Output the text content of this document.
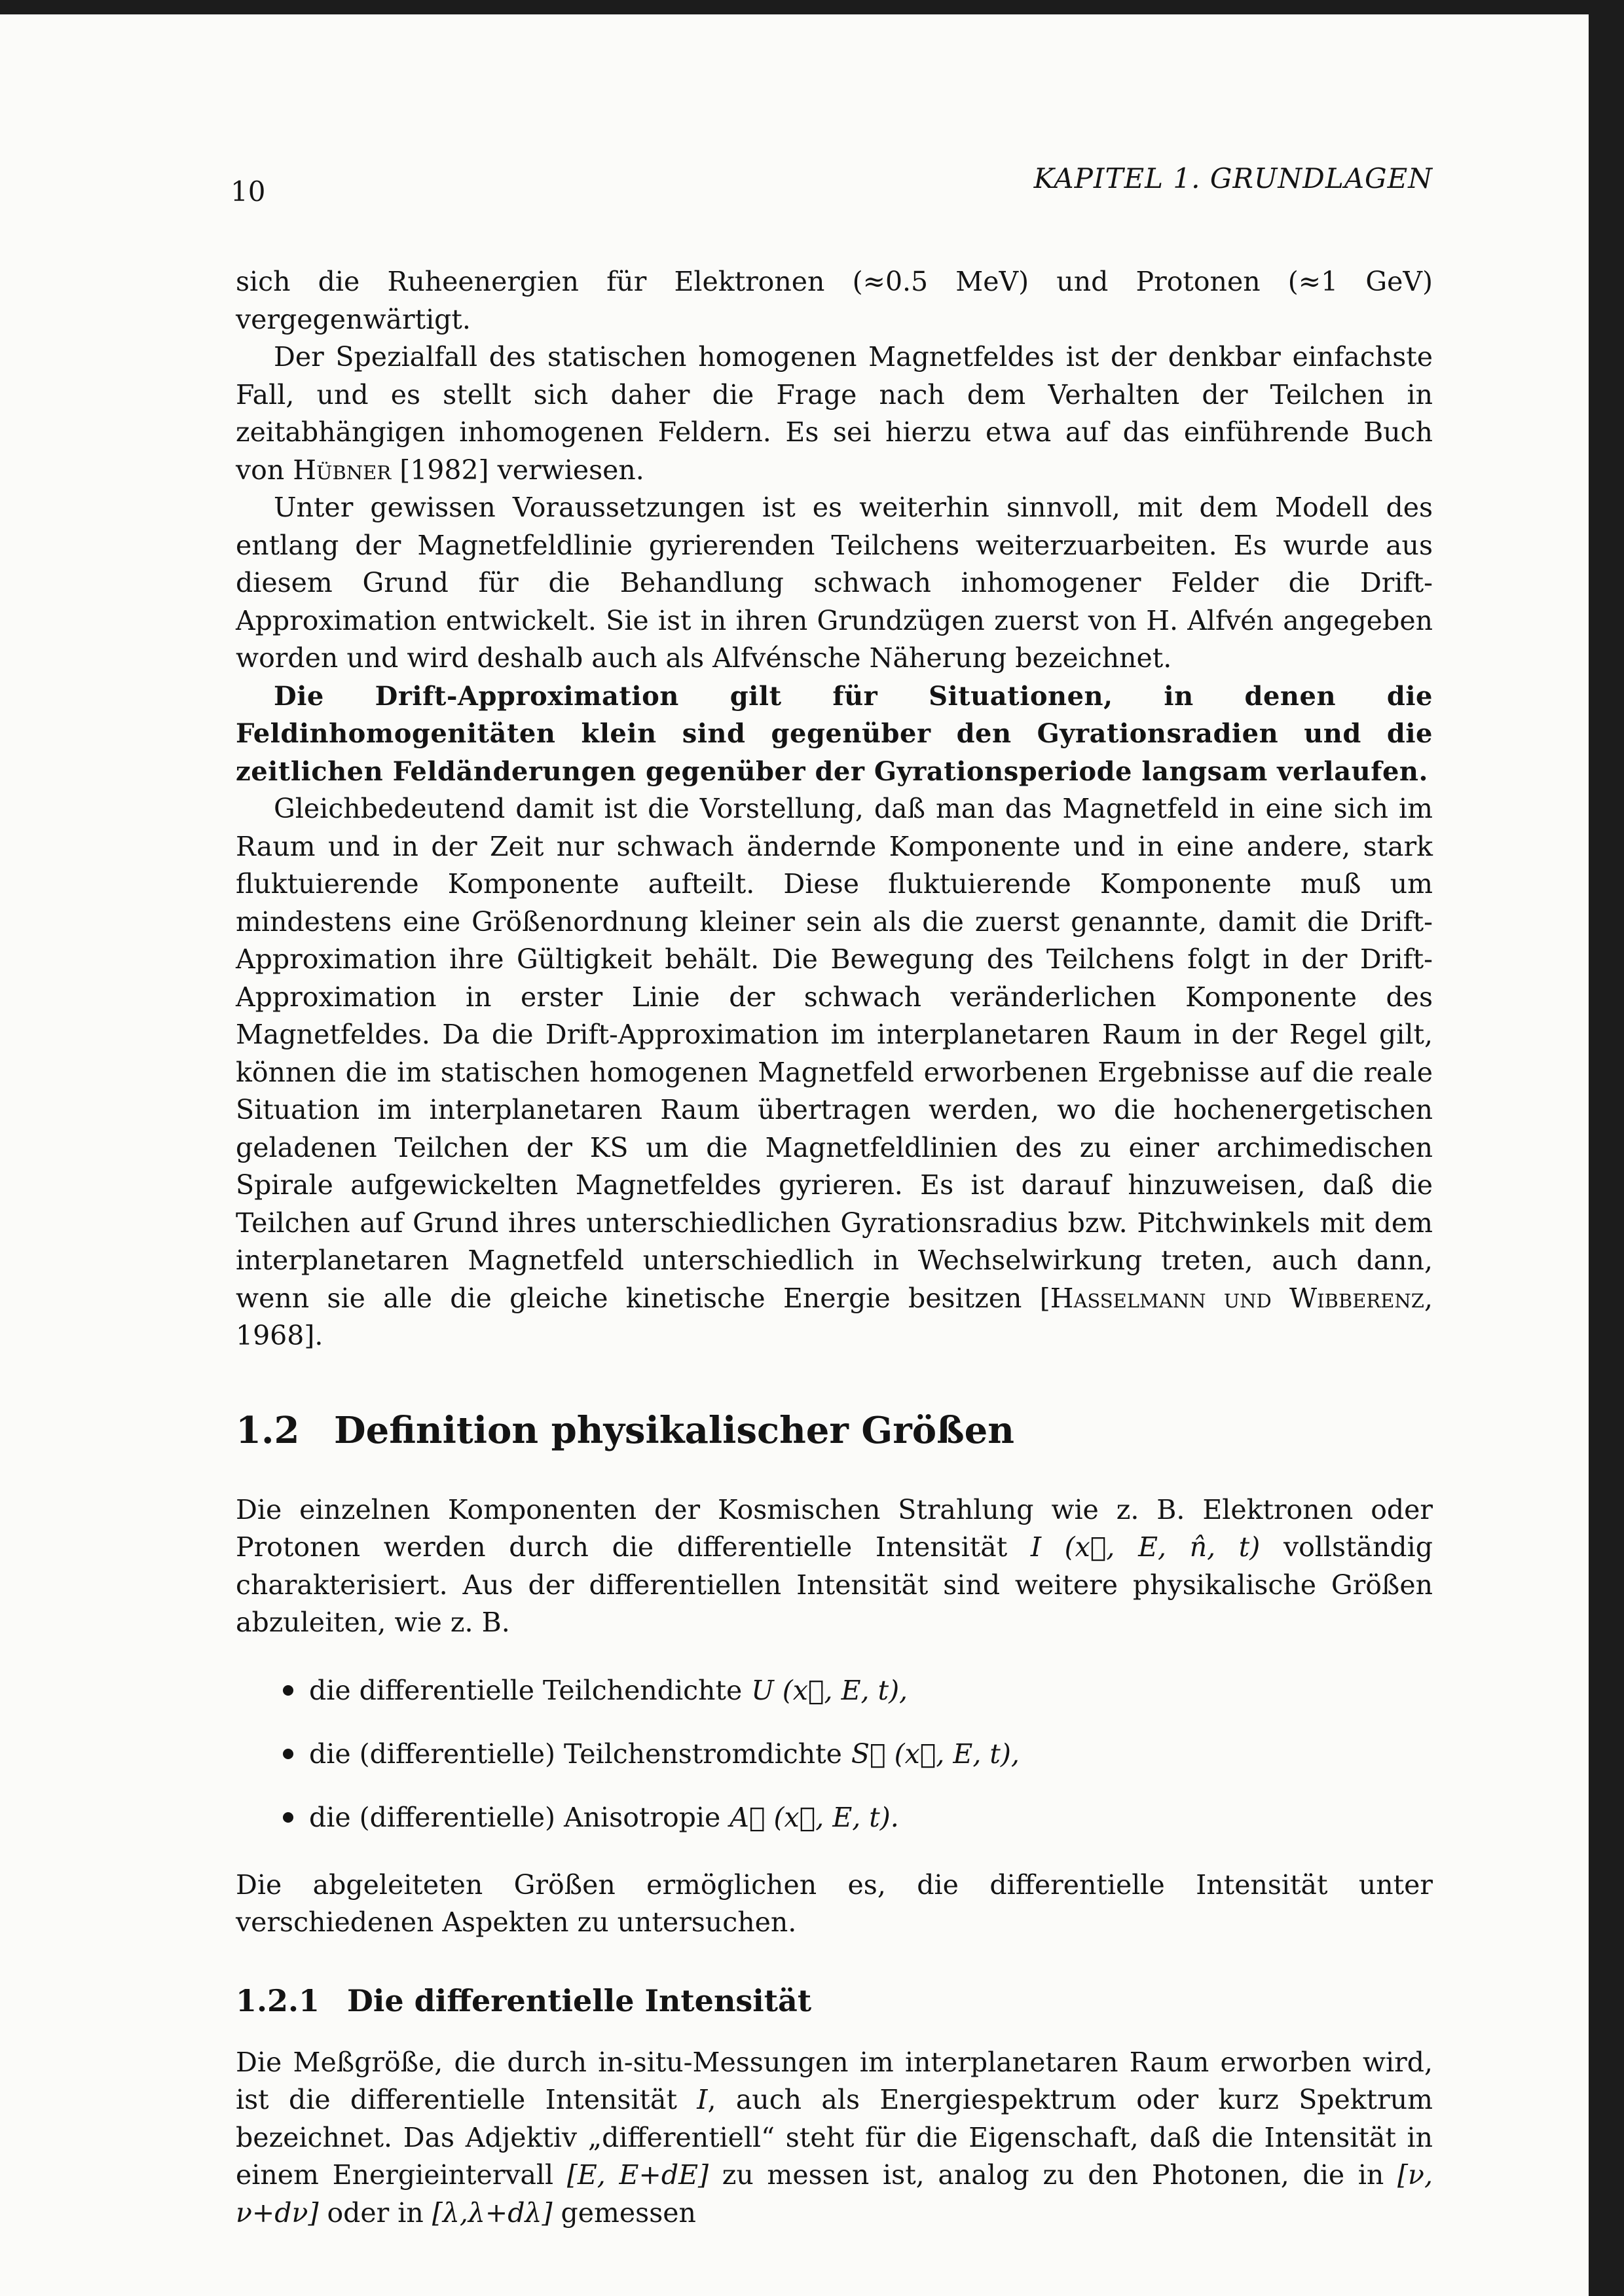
10	KAPITEL 1. GRUNDLAGEN

sich die Ruheenergien für Elektronen (≈0.5 MeV) und Protonen (≈1 GeV) vergegenwärtigt.

Der Spezialfall des statischen homogenen Magnetfeldes ist der denkbar einfachste Fall, und es stellt sich daher die Frage nach dem Verhalten der Teilchen in zeitabhängigen inhomogenen Feldern. Es sei hierzu etwa auf das einführende Buch von Hübner [1982] verwiesen.

Unter gewissen Voraussetzungen ist es weiterhin sinnvoll, mit dem Modell des entlang der Magnetfeldlinie gyrierenden Teilchens weiterzuarbeiten. Es wurde aus diesem Grund für die Behandlung schwach inhomogener Felder die Drift-Approximation entwickelt. Sie ist in ihren Grundzügen zuerst von H. Alfvén angegeben worden und wird deshalb auch als Alfvénsche Näherung bezeichnet.

Die Drift-Approximation gilt für Situationen, in denen die Feldinhomogenitäten klein sind gegenüber den Gyrationsradien und die zeitlichen Feldänderungen gegenüber der Gyrationsperiode langsam verlaufen.

Gleichbedeutend damit ist die Vorstellung, daß man das Magnetfeld in eine sich im Raum und in der Zeit nur schwach ändernde Komponente und in eine andere, stark fluktuierende Komponente aufteilt. Diese fluktuierende Komponente muß um mindestens eine Größenordnung kleiner sein als die zuerst genannte, damit die Drift-Approximation ihre Gültigkeit behält. Die Bewegung des Teilchens folgt in der Drift-Approximation in erster Linie der schwach veränderlichen Komponente des Magnetfeldes. Da die Drift-Approximation im interplanetaren Raum in der Regel gilt, können die im statischen homogenen Magnetfeld erworbenen Ergebnisse auf die reale Situation im interplanetaren Raum übertragen werden, wo die hochenergetischen geladenen Teilchen der KS um die Magnetfeldlinien des zu einer archimedischen Spirale aufgewickelten Magnetfeldes gyrieren. Es ist darauf hinzuweisen, daß die Teilchen auf Grund ihres unterschiedlichen Gyrationsradius bzw. Pitchwinkels mit dem interplanetaren Magnetfeld unterschiedlich in Wechselwirkung treten, auch dann, wenn sie alle die gleiche kinetische Energie besitzen [Hasselmann und Wibberenz, 1968].

1.2 Definition physikalischer Größen

Die einzelnen Komponenten der Kosmischen Strahlung wie z. B. Elektronen oder Protonen werden durch die differentielle Intensität I (x⃗, E, n̂, t) vollständig charakterisiert. Aus der differentiellen Intensität sind weitere physikalische Größen abzuleiten, wie z. B.

die differentielle Teilchendichte U (x⃗, E, t),
die (differentielle) Teilchenstromdichte S⃗ (x⃗, E, t),
die (differentielle) Anisotropie A⃗ (x⃗, E, t).

Die abgeleiteten Größen ermöglichen es, die differentielle Intensität unter verschiedenen Aspekten zu untersuchen.

1.2.1 Die differentielle Intensität

Die Meßgröße, die durch in-situ-Messungen im interplanetaren Raum erworben wird, ist die differentielle Intensität I, auch als Energiespektrum oder kurz Spektrum bezeichnet. Das Adjektiv „differentiell“ steht für die Eigenschaft, daß die Intensität in einem Energieintervall [E, E+dE] zu messen ist, analog zu den Photonen, die in [ν, ν+dν] oder in [λ,λ+dλ] gemessen
